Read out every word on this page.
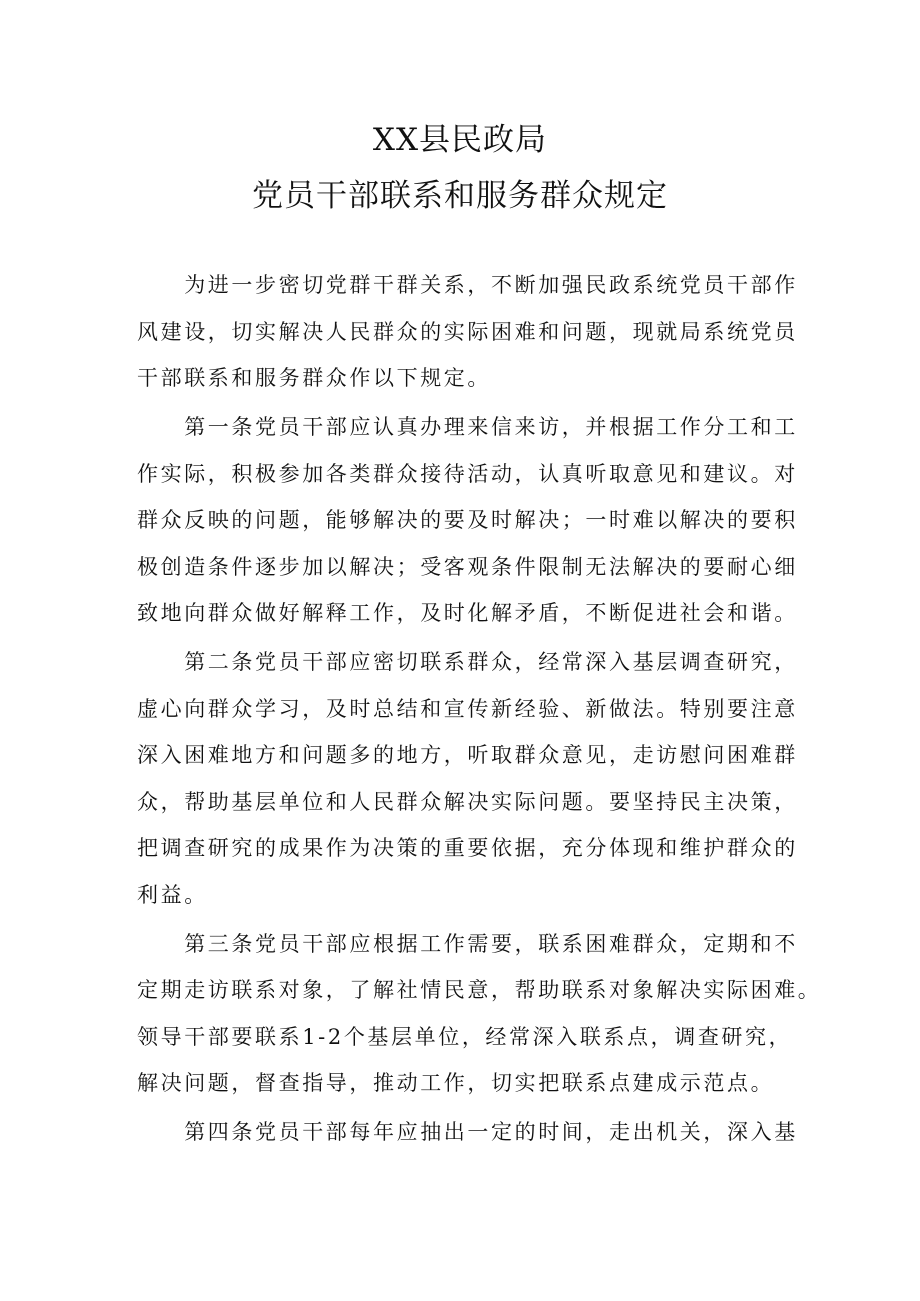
XX县民政局
党员干部联系和服务群众规定
　　为进一步密切党群干群关系，不断加强民政系统党员干部作
风建设，切实解决人民群众的实际困难和问题，现就局系统党员
干部联系和服务群众作以下规定。
　　第一条党员干部应认真办理来信来访，并根据工作分工和工
作实际，积极参加各类群众接待活动，认真听取意见和建议。对
群众反映的问题，能够解决的要及时解决；一时难以解决的要积
极创造条件逐步加以解决；受客观条件限制无法解决的要耐心细
致地向群众做好解释工作，及时化解矛盾，不断促进社会和谐。
　　第二条党员干部应密切联系群众，经常深入基层调查研究，
虚心向群众学习，及时总结和宣传新经验、新做法。特别要注意
深入困难地方和问题多的地方，听取群众意见，走访慰问困难群
众，帮助基层单位和人民群众解决实际问题。要坚持民主决策，
把调查研究的成果作为决策的重要依据，充分体现和维护群众的
利益。
　　第三条党员干部应根据工作需要，联系困难群众，定期和不
定期走访联系对象，了解社情民意，帮助联系对象解决实际困难。
领导干部要联系1-2个基层单位，经常深入联系点，调查研究，
解决问题，督查指导，推动工作，切实把联系点建成示范点。
　　第四条党员干部每年应抽出一定的时间，走出机关，深入基
